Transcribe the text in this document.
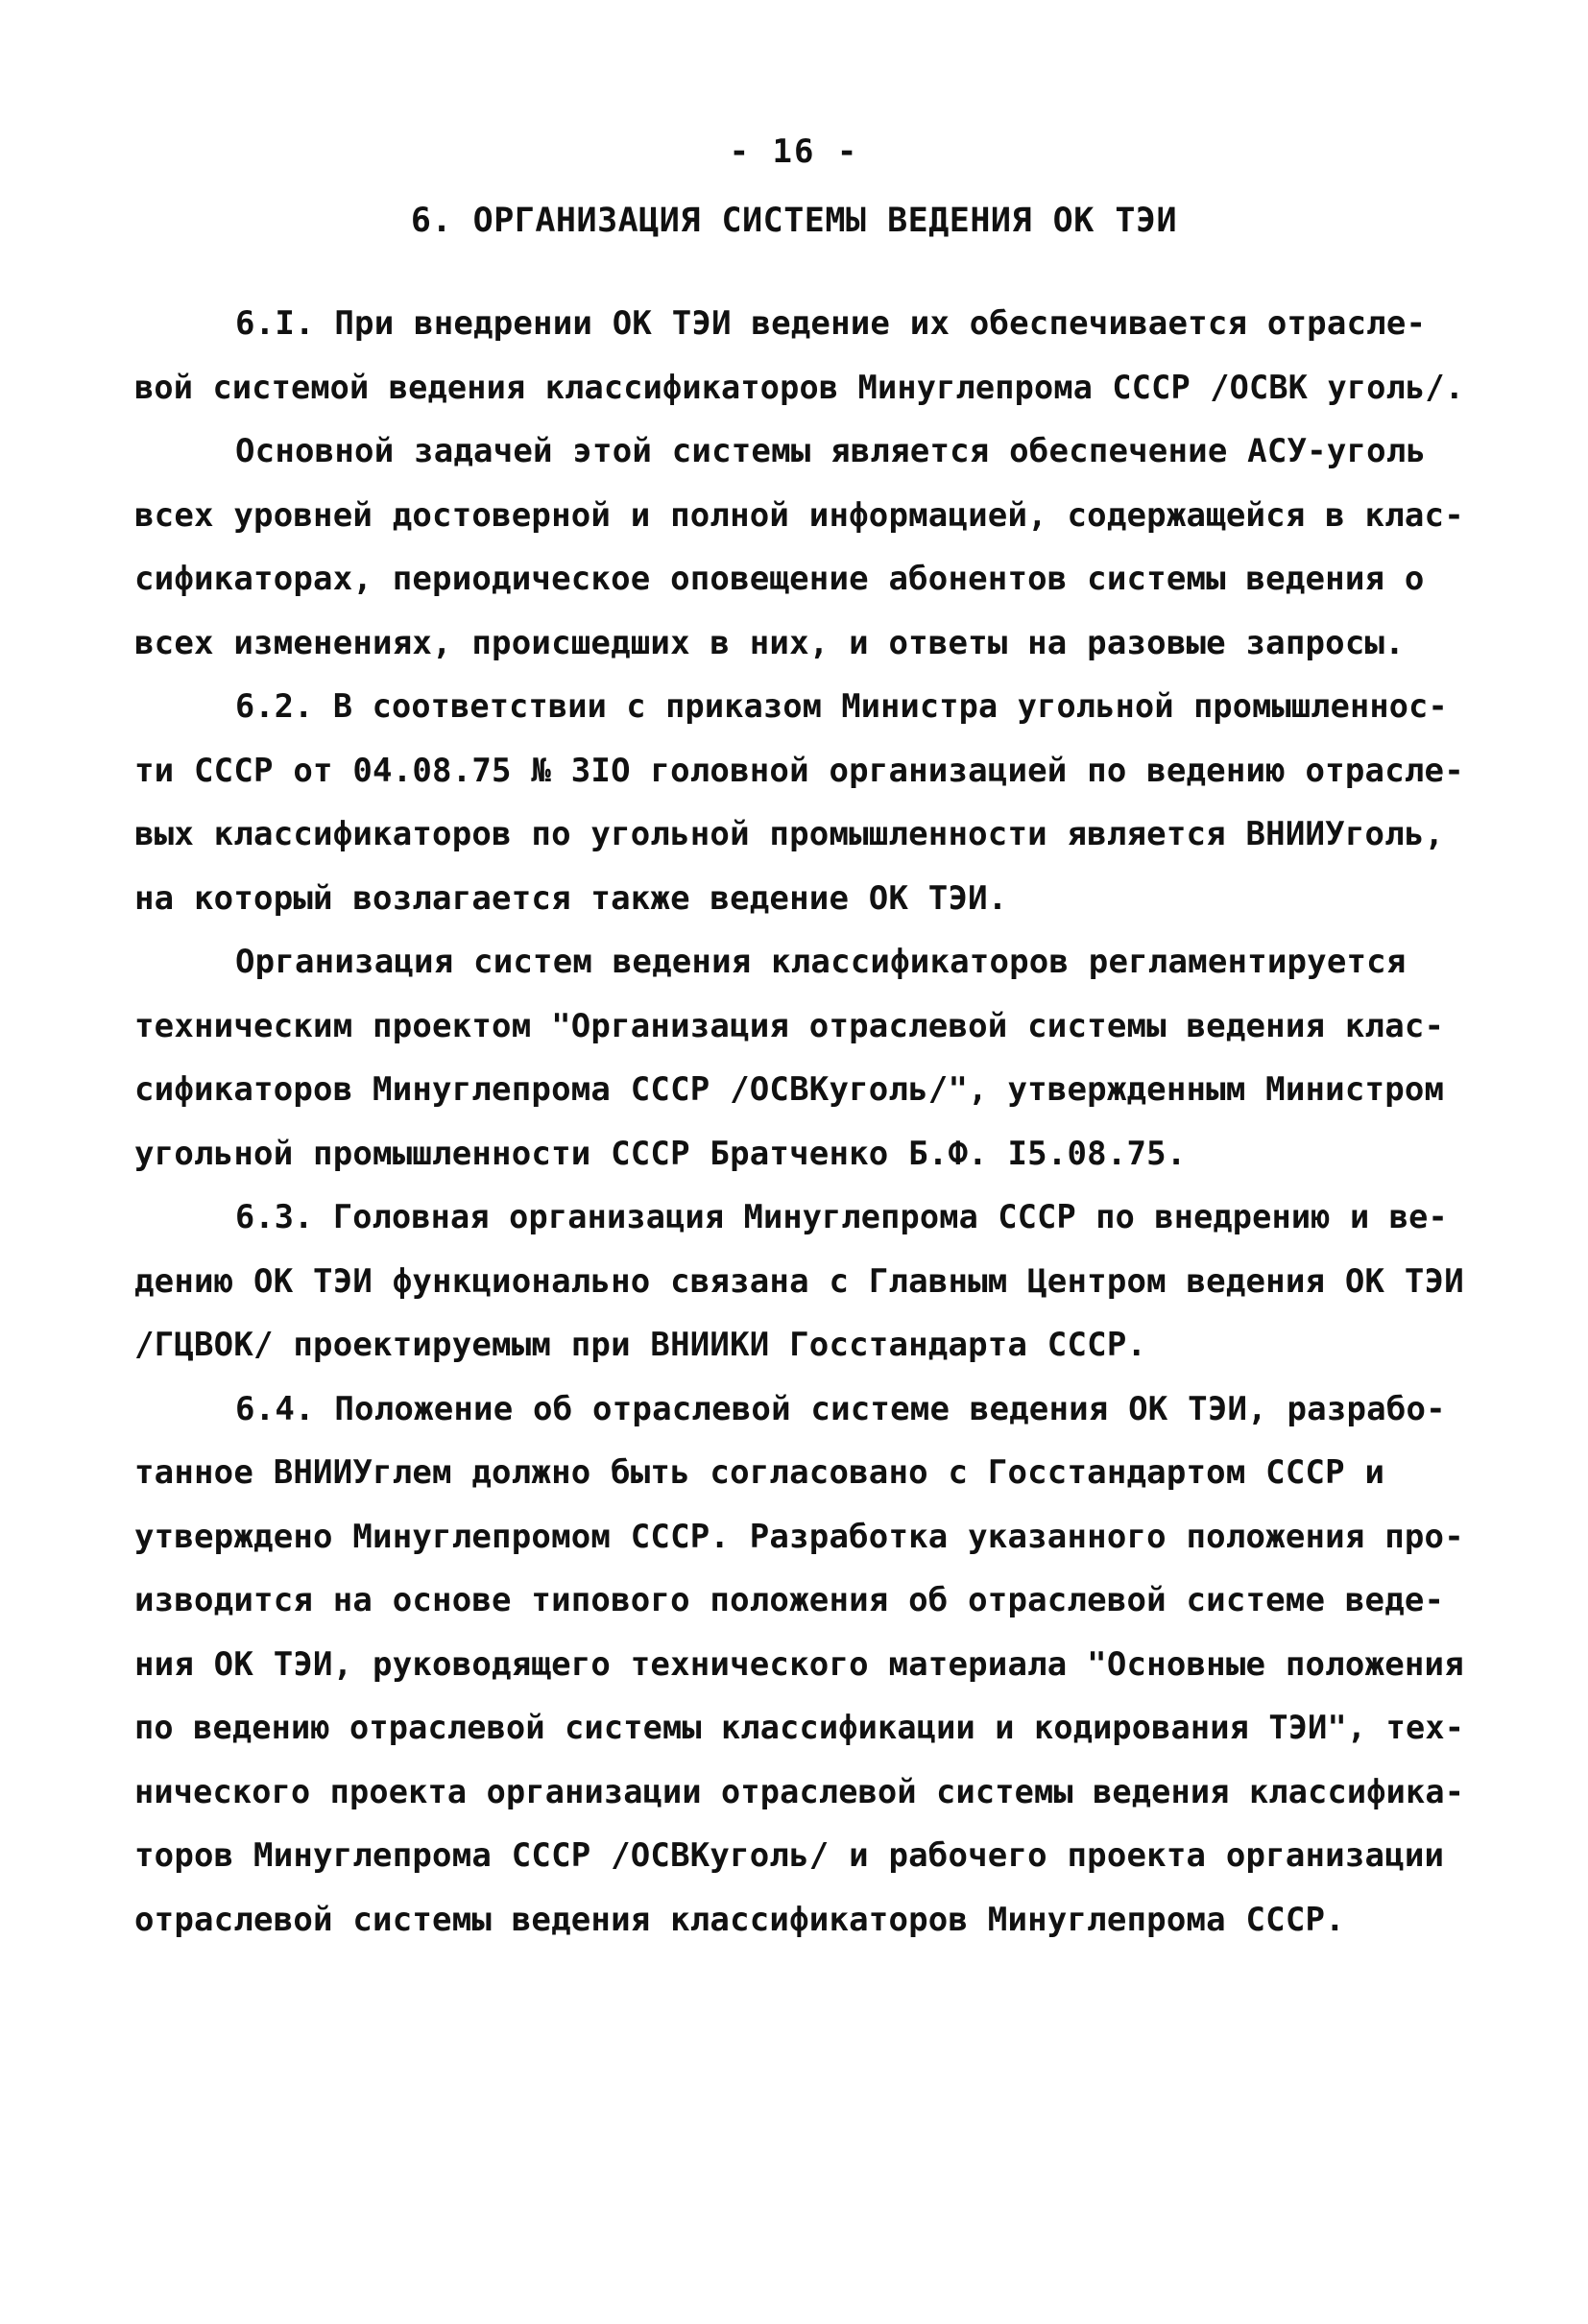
- 16 -
6. ОРГАНИЗАЦИЯ СИСТЕМЫ ВЕДЕНИЯ ОК ТЭИ
6.I. При внедрении ОК ТЭИ ведение их обеспечивается отрасле-
вой системой ведения классификаторов Минуглепрома СССР /ОСВК уголь/.
Основной задачей этой системы является обеспечение АСУ-уголь
всех уровней достоверной и полной информацией, содержащейся в клас-
сификаторах, периодическое оповещение абонентов системы ведения о
всех изменениях, происшедших в них, и ответы на разовые запросы.
6.2. В соответствии с приказом Министра угольной промышленнос-
ти СССР от 04.08.75 № 3IO головной организацией по ведению отрасле-
вых классификаторов по угольной промышленности является ВНИИУголь,
на который возлагается также ведение ОК ТЭИ.
Организация систем ведения классификаторов регламентируется
техническим проектом "Организация отраслевой системы ведения клас-
сификаторов Минуглепрома СССР /ОСВКуголь/", утвержденным Министром
угольной промышленности СССР Братченко Б.Ф. I5.08.75.
6.3. Головная организация Минуглепрома СССР по внедрению и ве-
дению ОК ТЭИ функционально связана с Главным Центром ведения ОК ТЭИ
/ГЦВОК/ проектируемым при ВНИИКИ Госстандарта СССР.
6.4. Положение об отраслевой системе ведения ОК ТЭИ, разрабо-
танное ВНИИУглем должно быть согласовано с Госстандартом СССР и
утверждено Минуглепромом СССР. Разработка указанного положения про-
изводится на основе типового положения об отраслевой системе веде-
ния ОК ТЭИ, руководящего технического материала "Основные положения
по ведению отраслевой системы классификации и кодирования ТЭИ", тех-
нического проекта организации отраслевой системы ведения классифика-
торов Минуглепрома СССР /ОСВКуголь/ и рабочего проекта организации
отраслевой системы ведения классификаторов Минуглепрома СССР.
